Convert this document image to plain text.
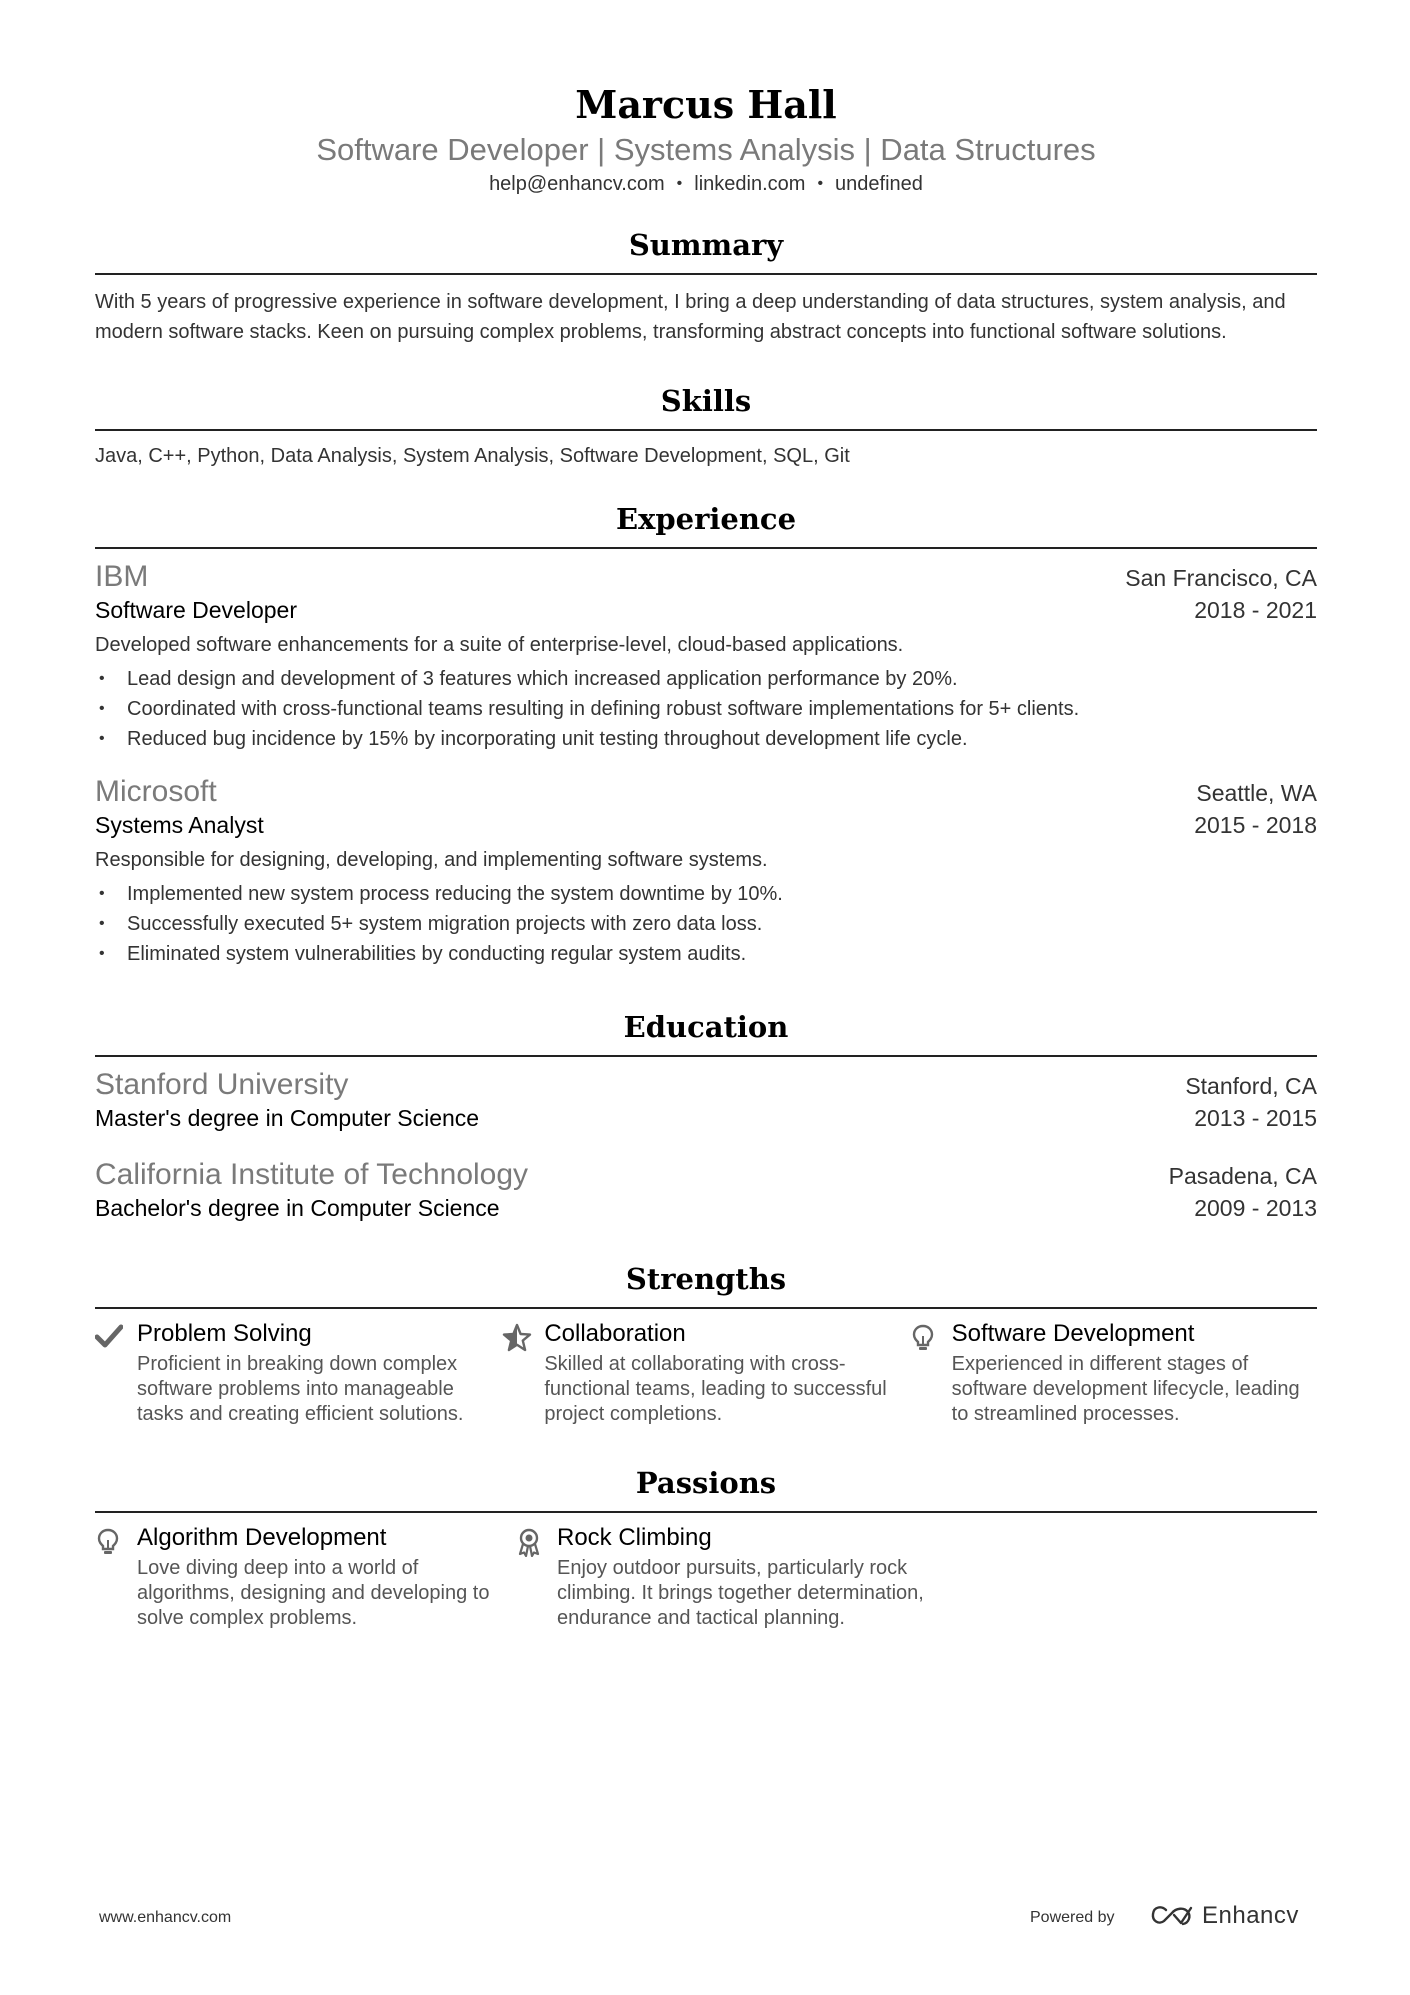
Marcus Hall
Software Developer | Systems Analysis | Data Structures
help@enhancv.com • linkedin.com • undefined
Summary
With 5 years of progressive experience in software development, I bring a deep understanding of data structures, system analysis, and modern software stacks. Keen on pursuing complex problems, transforming abstract concepts into functional software solutions.
Skills
Java, C++, Python, Data Analysis, System Analysis, Software Development, SQL, Git
Experience
IBM	San Francisco, CA
Software Developer	2018 - 2021
Developed software enhancements for a suite of enterprise-level, cloud-based applications.
• Lead design and development of 3 features which increased application performance by 20%.
• Coordinated with cross-functional teams resulting in defining robust software implementations for 5+ clients.
• Reduced bug incidence by 15% by incorporating unit testing throughout development life cycle.
Microsoft	Seattle, WA
Systems Analyst	2015 - 2018
Responsible for designing, developing, and implementing software systems.
• Implemented new system process reducing the system downtime by 10%.
• Successfully executed 5+ system migration projects with zero data loss.
• Eliminated system vulnerabilities by conducting regular system audits.
Education
Stanford University	Stanford, CA
Master's degree in Computer Science	2013 - 2015
California Institute of Technology	Pasadena, CA
Bachelor's degree in Computer Science	2009 - 2013
Strengths
Problem Solving
Proficient in breaking down complex software problems into manageable tasks and creating efficient solutions.
Collaboration
Skilled at collaborating with cross-functional teams, leading to successful project completions.
Software Development
Experienced in different stages of software development lifecycle, leading to streamlined processes.
Passions
Algorithm Development
Love diving deep into a world of algorithms, designing and developing to solve complex problems.
Rock Climbing
Enjoy outdoor pursuits, particularly rock climbing. It brings together determination, endurance and tactical planning.
www.enhancv.com	Powered by	Enhancv
